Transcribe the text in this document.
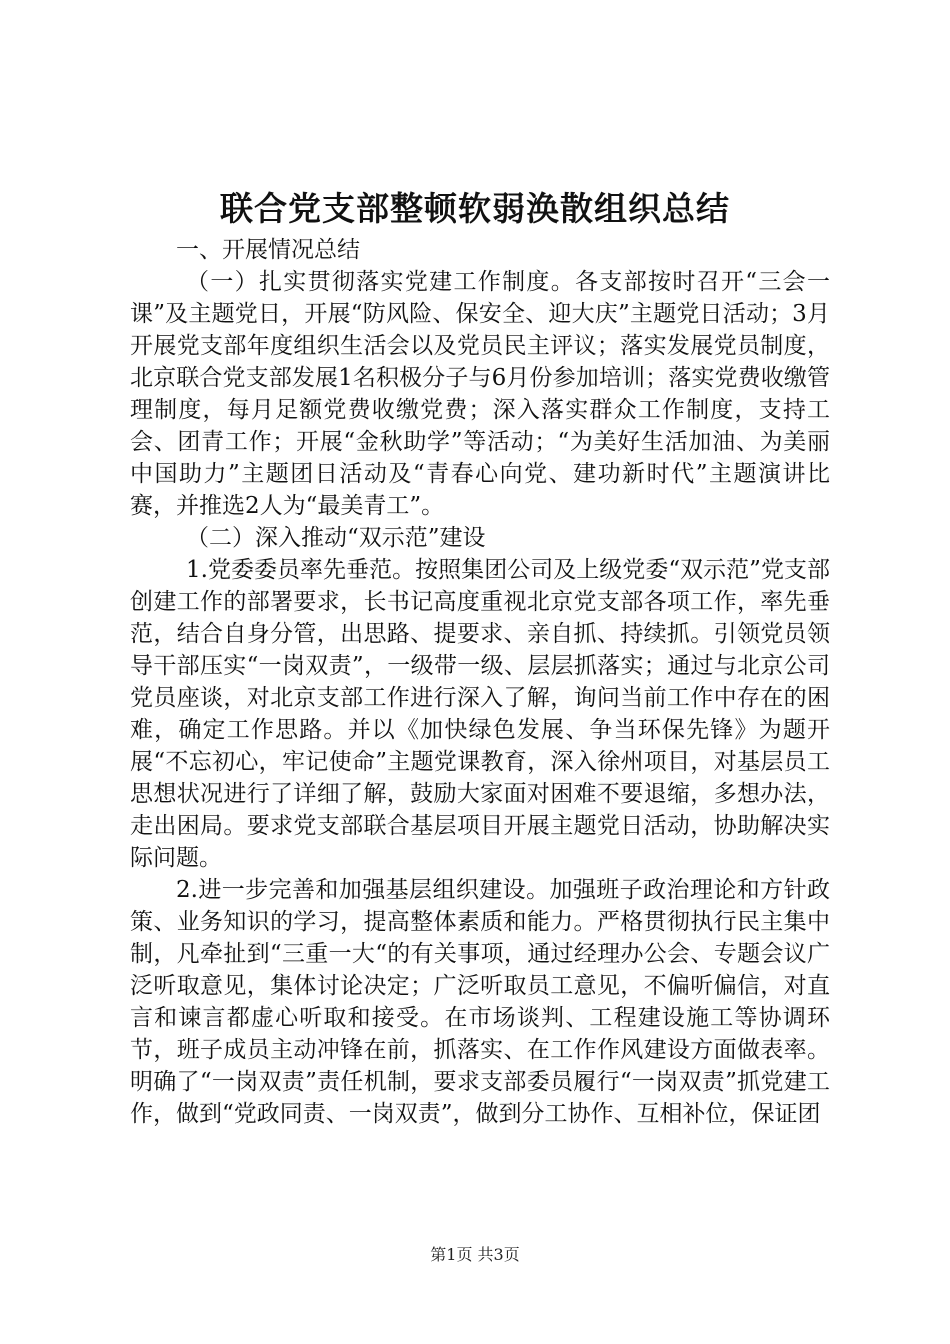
联合党支部整顿软弱涣散组织总结

一、开展情况总结

（一）扎实贯彻落实党建工作制度。各支部按时召开“三会一课”及主题党日，开展“防风险、保安全、迎大庆”主题党日活动；3月开展党支部年度组织生活会以及党员民主评议；落实发展党员制度，北京联合党支部发展1名积极分子与6月份参加培训；落实党费收缴管理制度，每月足额党费收缴党费；深入落实群众工作制度，支持工会、团青工作；开展“金秋助学”等活动；“为美好生活加油、为美丽中国助力”主题团日活动及“青春心向党、建功新时代”主题演讲比赛，并推选2人为“最美青工”。

（二）深入推动“双示范”建设

1.党委委员率先垂范。按照集团公司及上级党委“双示范”党支部创建工作的部署要求，长书记高度重视北京党支部各项工作，率先垂范，结合自身分管，出思路、提要求、亲自抓、持续抓。引领党员领导干部压实“一岗双责”，一级带一级、层层抓落实；通过与北京公司党员座谈，对北京支部工作进行深入了解，询问当前工作中存在的困难，确定工作思路。并以《加快绿色发展、争当环保先锋》为题开展“不忘初心，牢记使命”主题党课教育，深入徐州项目，对基层员工思想状况进行了详细了解，鼓励大家面对困难不要退缩，多想办法，走出困局。要求党支部联合基层项目开展主题党日活动，协助解决实际问题。

2.进一步完善和加强基层组织建设。加强班子政治理论和方针政策、业务知识的学习，提高整体素质和能力。严格贯彻执行民主集中制，凡牵扯到“三重一大“的有关事项，通过经理办公会、专题会议广泛听取意见，集体讨论决定；广泛听取员工意见，不偏听偏信，对直言和谏言都虚心听取和接受。在市场谈判、工程建设施工等协调环节，班子成员主动冲锋在前，抓落实、在工作作风建设方面做表率。明确了“一岗双责”责任机制，要求支部委员履行“一岗双责”抓党建工作，做到“党政同责、一岗双责”，做到分工协作、互相补位，保证团

第1页 共3页
